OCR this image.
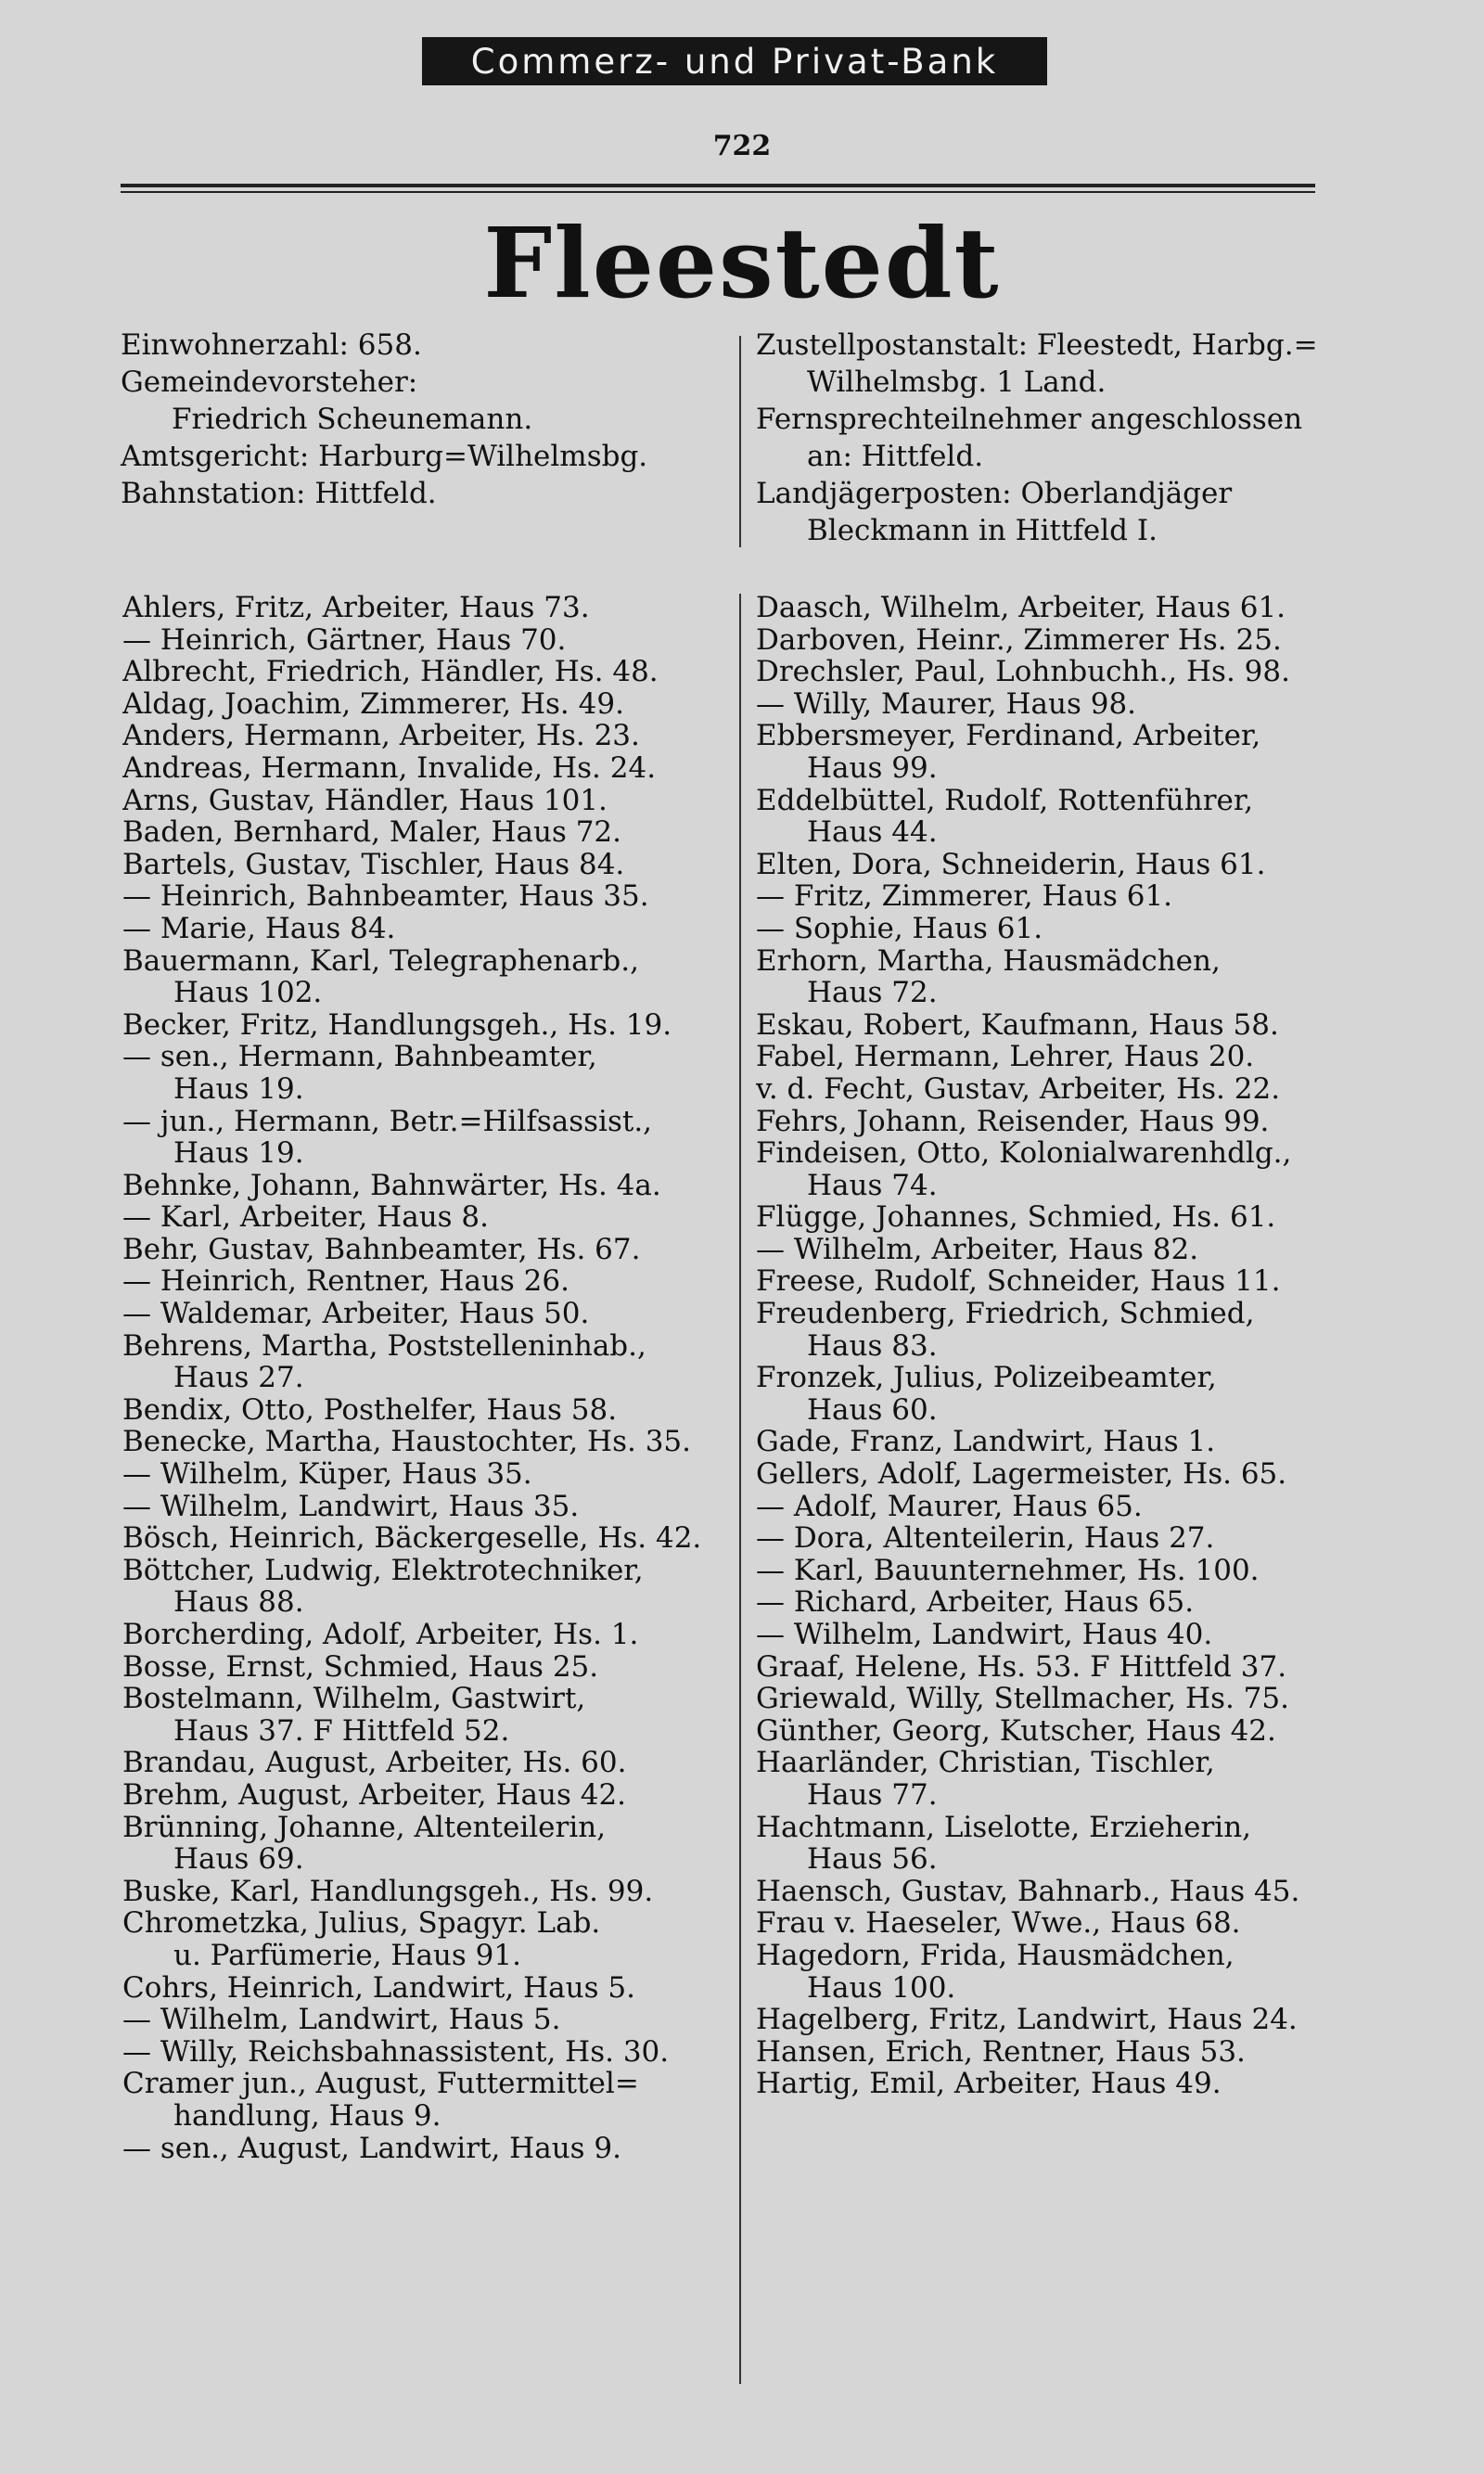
Commerz- und Privat-Bank
722
Fleestedt
Einwohnerzahl: 658.
Gemeindevorsteher:
Friedrich Scheunemann.
Amtsgericht: Harburg=Wilhelmsbg.
Bahnstation: Hittfeld.
Zustellpostanstalt: Fleestedt, Harbg.=
Wilhelmsbg. 1 Land.
Fernsprechteilnehmer angeschlossen
an: Hittfeld.
Landjägerposten: Oberlandjäger
Bleckmann in Hittfeld I.
Ahlers, Fritz, Arbeiter, Haus 73.
— Heinrich, Gärtner, Haus 70.
Albrecht, Friedrich, Händler, Hs. 48.
Aldag, Joachim, Zimmerer, Hs. 49.
Anders, Hermann, Arbeiter, Hs. 23.
Andreas, Hermann, Invalide, Hs. 24.
Arns, Gustav, Händler, Haus 101.
Baden, Bernhard, Maler, Haus 72.
Bartels, Gustav, Tischler, Haus 84.
— Heinrich, Bahnbeamter, Haus 35.
— Marie, Haus 84.
Bauermann, Karl, Telegraphenarb.,
Haus 102.
Becker, Fritz, Handlungsgeh., Hs. 19.
— sen., Hermann, Bahnbeamter,
Haus 19.
— jun., Hermann, Betr.=Hilfsassist.,
Haus 19.
Behnke, Johann, Bahnwärter, Hs. 4a.
— Karl, Arbeiter, Haus 8.
Behr, Gustav, Bahnbeamter, Hs. 67.
— Heinrich, Rentner, Haus 26.
— Waldemar, Arbeiter, Haus 50.
Behrens, Martha, Poststelleninhab.,
Haus 27.
Bendix, Otto, Posthelfer, Haus 58.
Benecke, Martha, Haustochter, Hs. 35.
— Wilhelm, Küper, Haus 35.
— Wilhelm, Landwirt, Haus 35.
Bösch, Heinrich, Bäckergeselle, Hs. 42.
Böttcher, Ludwig, Elektrotechniker,
Haus 88.
Borcherding, Adolf, Arbeiter, Hs. 1.
Bosse, Ernst, Schmied, Haus 25.
Bostelmann, Wilhelm, Gastwirt,
Haus 37. F Hittfeld 52.
Brandau, August, Arbeiter, Hs. 60.
Brehm, August, Arbeiter, Haus 42.
Brünning, Johanne, Altenteilerin,
Haus 69.
Buske, Karl, Handlungsgeh., Hs. 99.
Chrometzka, Julius, Spagyr. Lab.
u. Parfümerie, Haus 91.
Cohrs, Heinrich, Landwirt, Haus 5.
— Wilhelm, Landwirt, Haus 5.
— Willy, Reichsbahnassistent, Hs. 30.
Cramer jun., August, Futtermittel=
handlung, Haus 9.
— sen., August, Landwirt, Haus 9.
Daasch, Wilhelm, Arbeiter, Haus 61.
Darboven, Heinr., Zimmerer Hs. 25.
Drechsler, Paul, Lohnbuchh., Hs. 98.
— Willy, Maurer, Haus 98.
Ebbersmeyer, Ferdinand, Arbeiter,
Haus 99.
Eddelbüttel, Rudolf, Rottenführer,
Haus 44.
Elten, Dora, Schneiderin, Haus 61.
— Fritz, Zimmerer, Haus 61.
— Sophie, Haus 61.
Erhorn, Martha, Hausmädchen,
Haus 72.
Eskau, Robert, Kaufmann, Haus 58.
Fabel, Hermann, Lehrer, Haus 20.
v. d. Fecht, Gustav, Arbeiter, Hs. 22.
Fehrs, Johann, Reisender, Haus 99.
Findeisen, Otto, Kolonialwarenhdlg.,
Haus 74.
Flügge, Johannes, Schmied, Hs. 61.
— Wilhelm, Arbeiter, Haus 82.
Freese, Rudolf, Schneider, Haus 11.
Freudenberg, Friedrich, Schmied,
Haus 83.
Fronzek, Julius, Polizeibeamter,
Haus 60.
Gade, Franz, Landwirt, Haus 1.
Gellers, Adolf, Lagermeister, Hs. 65.
— Adolf, Maurer, Haus 65.
— Dora, Altenteilerin, Haus 27.
— Karl, Bauunternehmer, Hs. 100.
— Richard, Arbeiter, Haus 65.
— Wilhelm, Landwirt, Haus 40.
Graaf, Helene, Hs. 53. F Hittfeld 37.
Griewald, Willy, Stellmacher, Hs. 75.
Günther, Georg, Kutscher, Haus 42.
Haarländer, Christian, Tischler,
Haus 77.
Hachtmann, Liselotte, Erzieherin,
Haus 56.
Haensch, Gustav, Bahnarb., Haus 45.
Frau v. Haeseler, Wwe., Haus 68.
Hagedorn, Frida, Hausmädchen,
Haus 100.
Hagelberg, Fritz, Landwirt, Haus 24.
Hansen, Erich, Rentner, Haus 53.
Hartig, Emil, Arbeiter, Haus 49.
